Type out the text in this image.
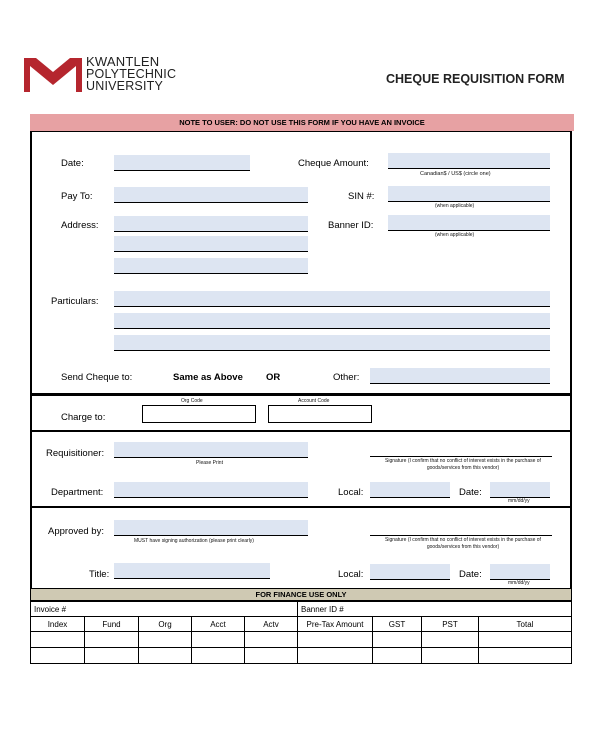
KWANTLEN
POLYTECHNIC
UNIVERSITY	CHEQUE REQUISITION FORM
NOTE TO USER: DO NOT USE THIS FORM IF YOU HAVE AN INVOICE
Date:	Cheque Amount:
Canadian$ / US$ (circle one)
Pay To:	SIN #:
(when applicable)
Address:	Banner ID:
(when applicable)
Particulars:
Send Cheque to:	Same as Above OR	Other:
Charge to:
Org Code	Account Code
Requisitioner:
Please Print	Signature (I confirm that no conflict of interest exists in the purchase of goods/services from this vendor)
Department:	Local:	Date:
mm/dd/yy
Approved by:
MUST have signing authorization (please print clearly)	Signature (I confirm that no conflict of interest exists in the purchase of goods/services from this vendor)
Title:	Local:	Date:
mm/dd/yy
FOR FINANCE USE ONLY
Invoice #					Banner ID #			
Index	Fund	Org	Acct	Actv	Pre-Tax Amount	GST	PST	Total
